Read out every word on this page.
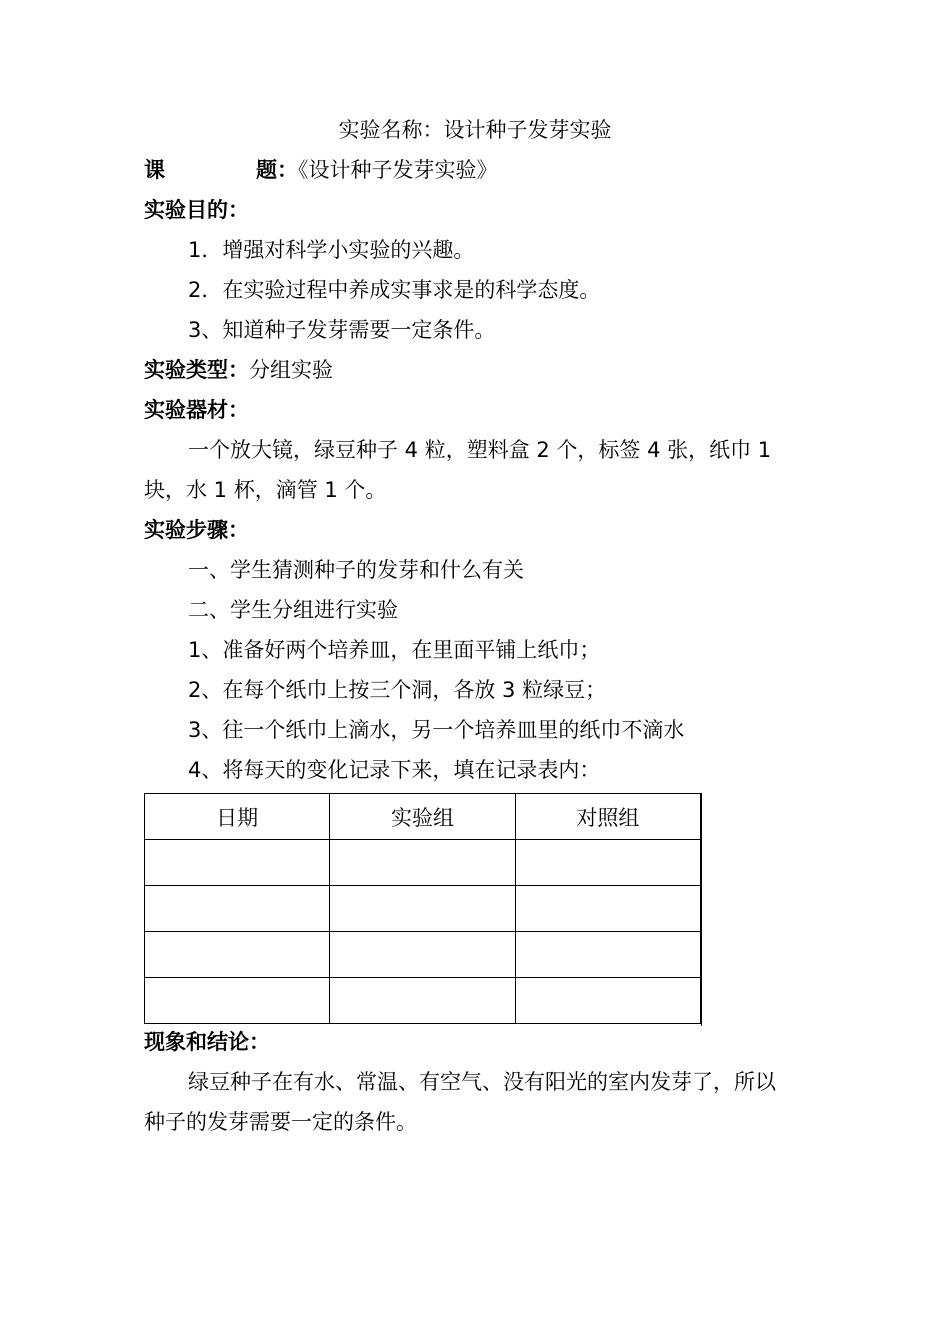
实验名称：设计种子发芽实验
课	题：《设计种子发芽实验》
实验目的：
1．增强对科学小实验的兴趣。
2．在实验过程中养成实事求是的科学态度。
3、知道种子发芽需要一定条件。
实验类型：分组实验
实验器材：
一个放大镜，绿豆种子 4 粒，塑料盒 2 个，标签 4 张，纸巾 1
块，水 1 杯，滴管 1 个。
实验步骤：
一、学生猜测种子的发芽和什么有关
二、学生分组进行实验
1、准备好两个培养皿，在里面平铺上纸巾；
2、在每个纸巾上按三个洞，各放 3 粒绿豆；
3、往一个纸巾上滴水，另一个培养皿里的纸巾不滴水
4、将每天的变化记录下来，填在记录表内：
日期	实验组	对照组

现象和结论：
绿豆种子在有水、常温、有空气、没有阳光的室内发芽了，所以
种子的发芽需要一定的条件。
